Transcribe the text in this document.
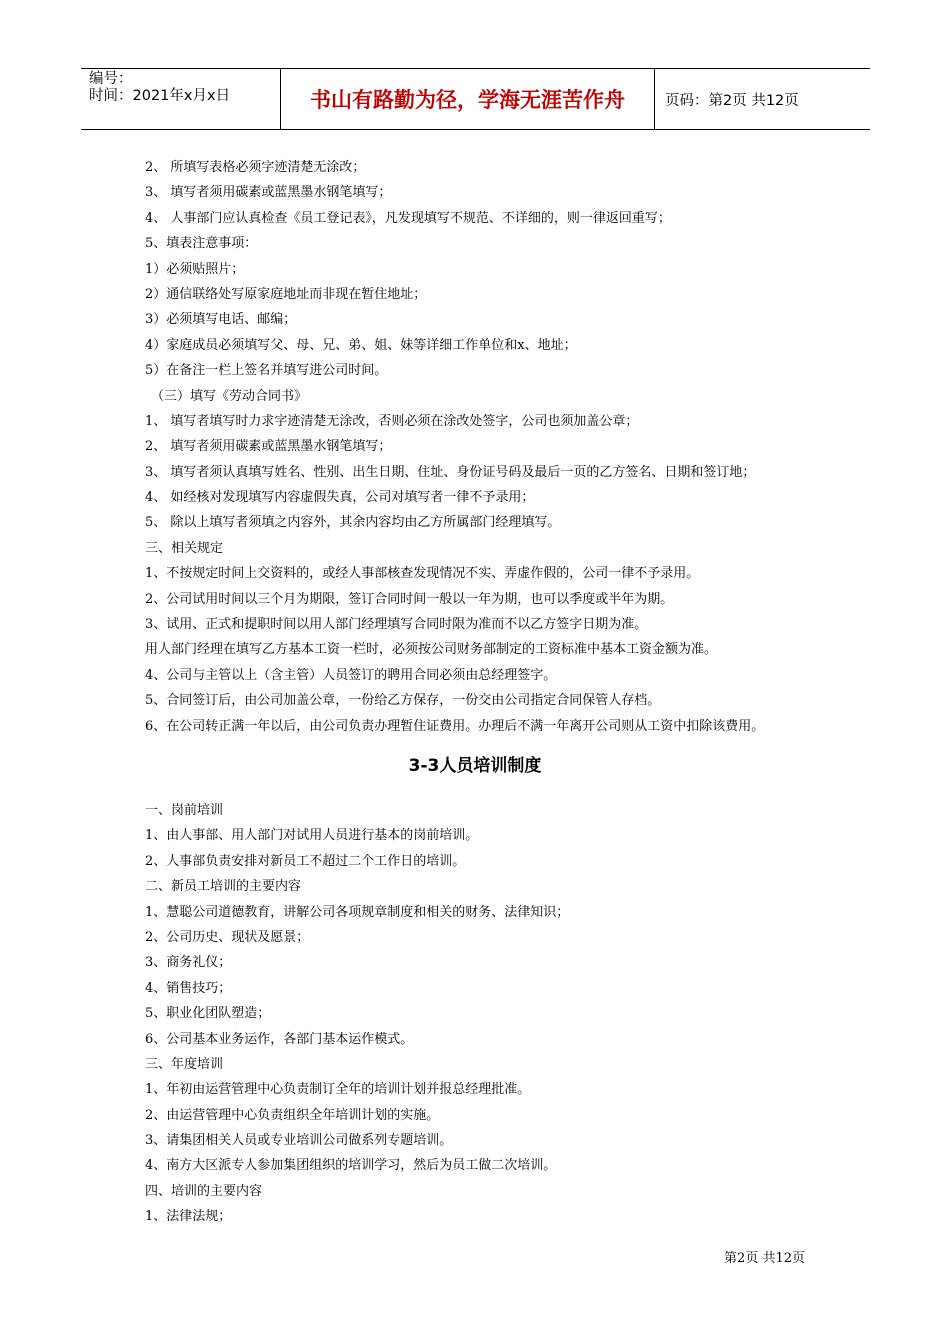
编号：
时间：2021年x月x日	书山有路勤为径，学海无涯苦作舟	页码：第2页 共12页
2、 所填写表格必须字迹清楚无涂改；
3、 填写者须用碳素或蓝黑墨水钢笔填写；
4、 人事部门应认真检查《员工登记表》，凡发现填写不规范、不详细的，则一律返回重写；
5、填表注意事项：
1）必须贴照片；
2）通信联络处写原家庭地址而非现在暂住地址；
3）必须填写电话、邮编；
4）家庭成员必须填写父、母、兄、弟、姐、妹等详细工作单位和x、地址；
5）在备注一栏上签名并填写进公司时间。
（三）填写《劳动合同书》
1、 填写者填写时力求字迹清楚无涂改，否则必须在涂改处签字，公司也须加盖公章；
2、 填写者须用碳素或蓝黑墨水钢笔填写；
3、 填写者须认真填写姓名、性别、出生日期、住址、身份证号码及最后一页的乙方签名、日期和签订地；
4、 如经核对发现填写内容虚假失真，公司对填写者一律不予录用；
5、 除以上填写者须填之内容外，其余内容均由乙方所属部门经理填写。
三、相关规定
1、不按规定时间上交资料的，或经人事部核查发现情况不实、弄虚作假的，公司一律不予录用。
2、公司试用时间以三个月为期限，签订合同时间一般以一年为期，也可以季度或半年为期。
3、试用、正式和提职时间以用人部门经理填写合同时限为准而不以乙方签字日期为准。
用人部门经理在填写乙方基本工资一栏时，必须按公司财务部制定的工资标准中基本工资金额为准。
4、公司与主管以上（含主管）人员签订的聘用合同必须由总经理签字。
5、合同签订后，由公司加盖公章，一份给乙方保存，一份交由公司指定合同保管人存档。
6、在公司转正满一年以后，由公司负责办理暂住证费用。办理后不满一年离开公司则从工资中扣除该费用。
3-3人员培训制度
一、岗前培训
1、由人事部、用人部门对试用人员进行基本的岗前培训。
2、人事部负责安排对新员工不超过二个工作日的培训。
二、新员工培训的主要内容
1、慧聪公司道德教育，讲解公司各项规章制度和相关的财务、法律知识；
2、公司历史、现状及愿景；
3、商务礼仪；
4、销售技巧；
5、职业化团队塑造；
6、公司基本业务运作，各部门基本运作模式。
三、年度培训
1、年初由运营管理中心负责制订全年的培训计划并报总经理批准。
2、由运营管理中心负责组织全年培训计划的实施。
3、请集团相关人员或专业培训公司做系列专题培训。
4、南方大区派专人参加集团组织的培训学习，然后为员工做二次培训。
四、培训的主要内容
1、法律法规；
第2页 共12页
